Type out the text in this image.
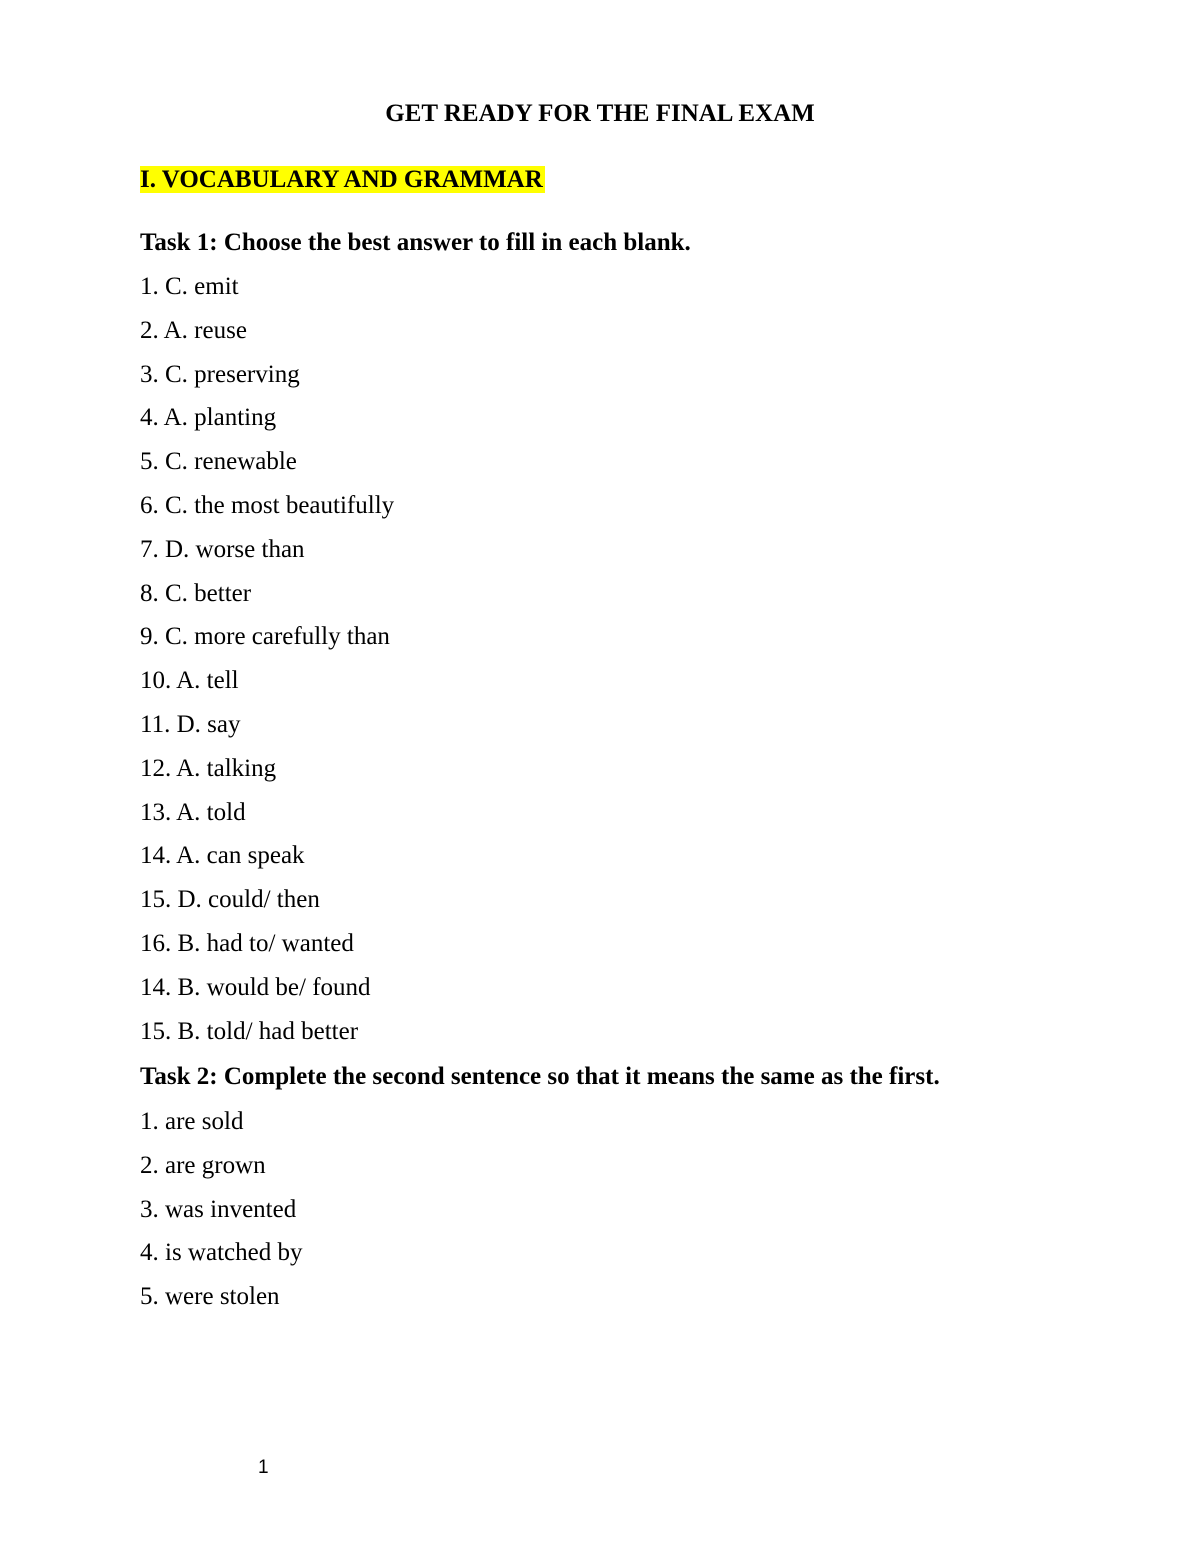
GET READY FOR THE FINAL EXAM
I. VOCABULARY AND GRAMMAR
Task 1: Choose the best answer to fill in each blank.
1. C. emit
2. A. reuse
3. C. preserving
4. A. planting
5. C. renewable
6. C. the most beautifully
7. D. worse than
8. C. better
9. C. more carefully than
10. A. tell
11. D. say
12. A. talking
13. A. told
14. A. can speak
15. D. could/ then
16. B. had to/ wanted
14. B. would be/ found
15. B. told/ had better
Task 2: Complete the second sentence so that it means the same as the first.
1. are sold
2. are grown
3. was invented
4. is watched by
5. were stolen
1
